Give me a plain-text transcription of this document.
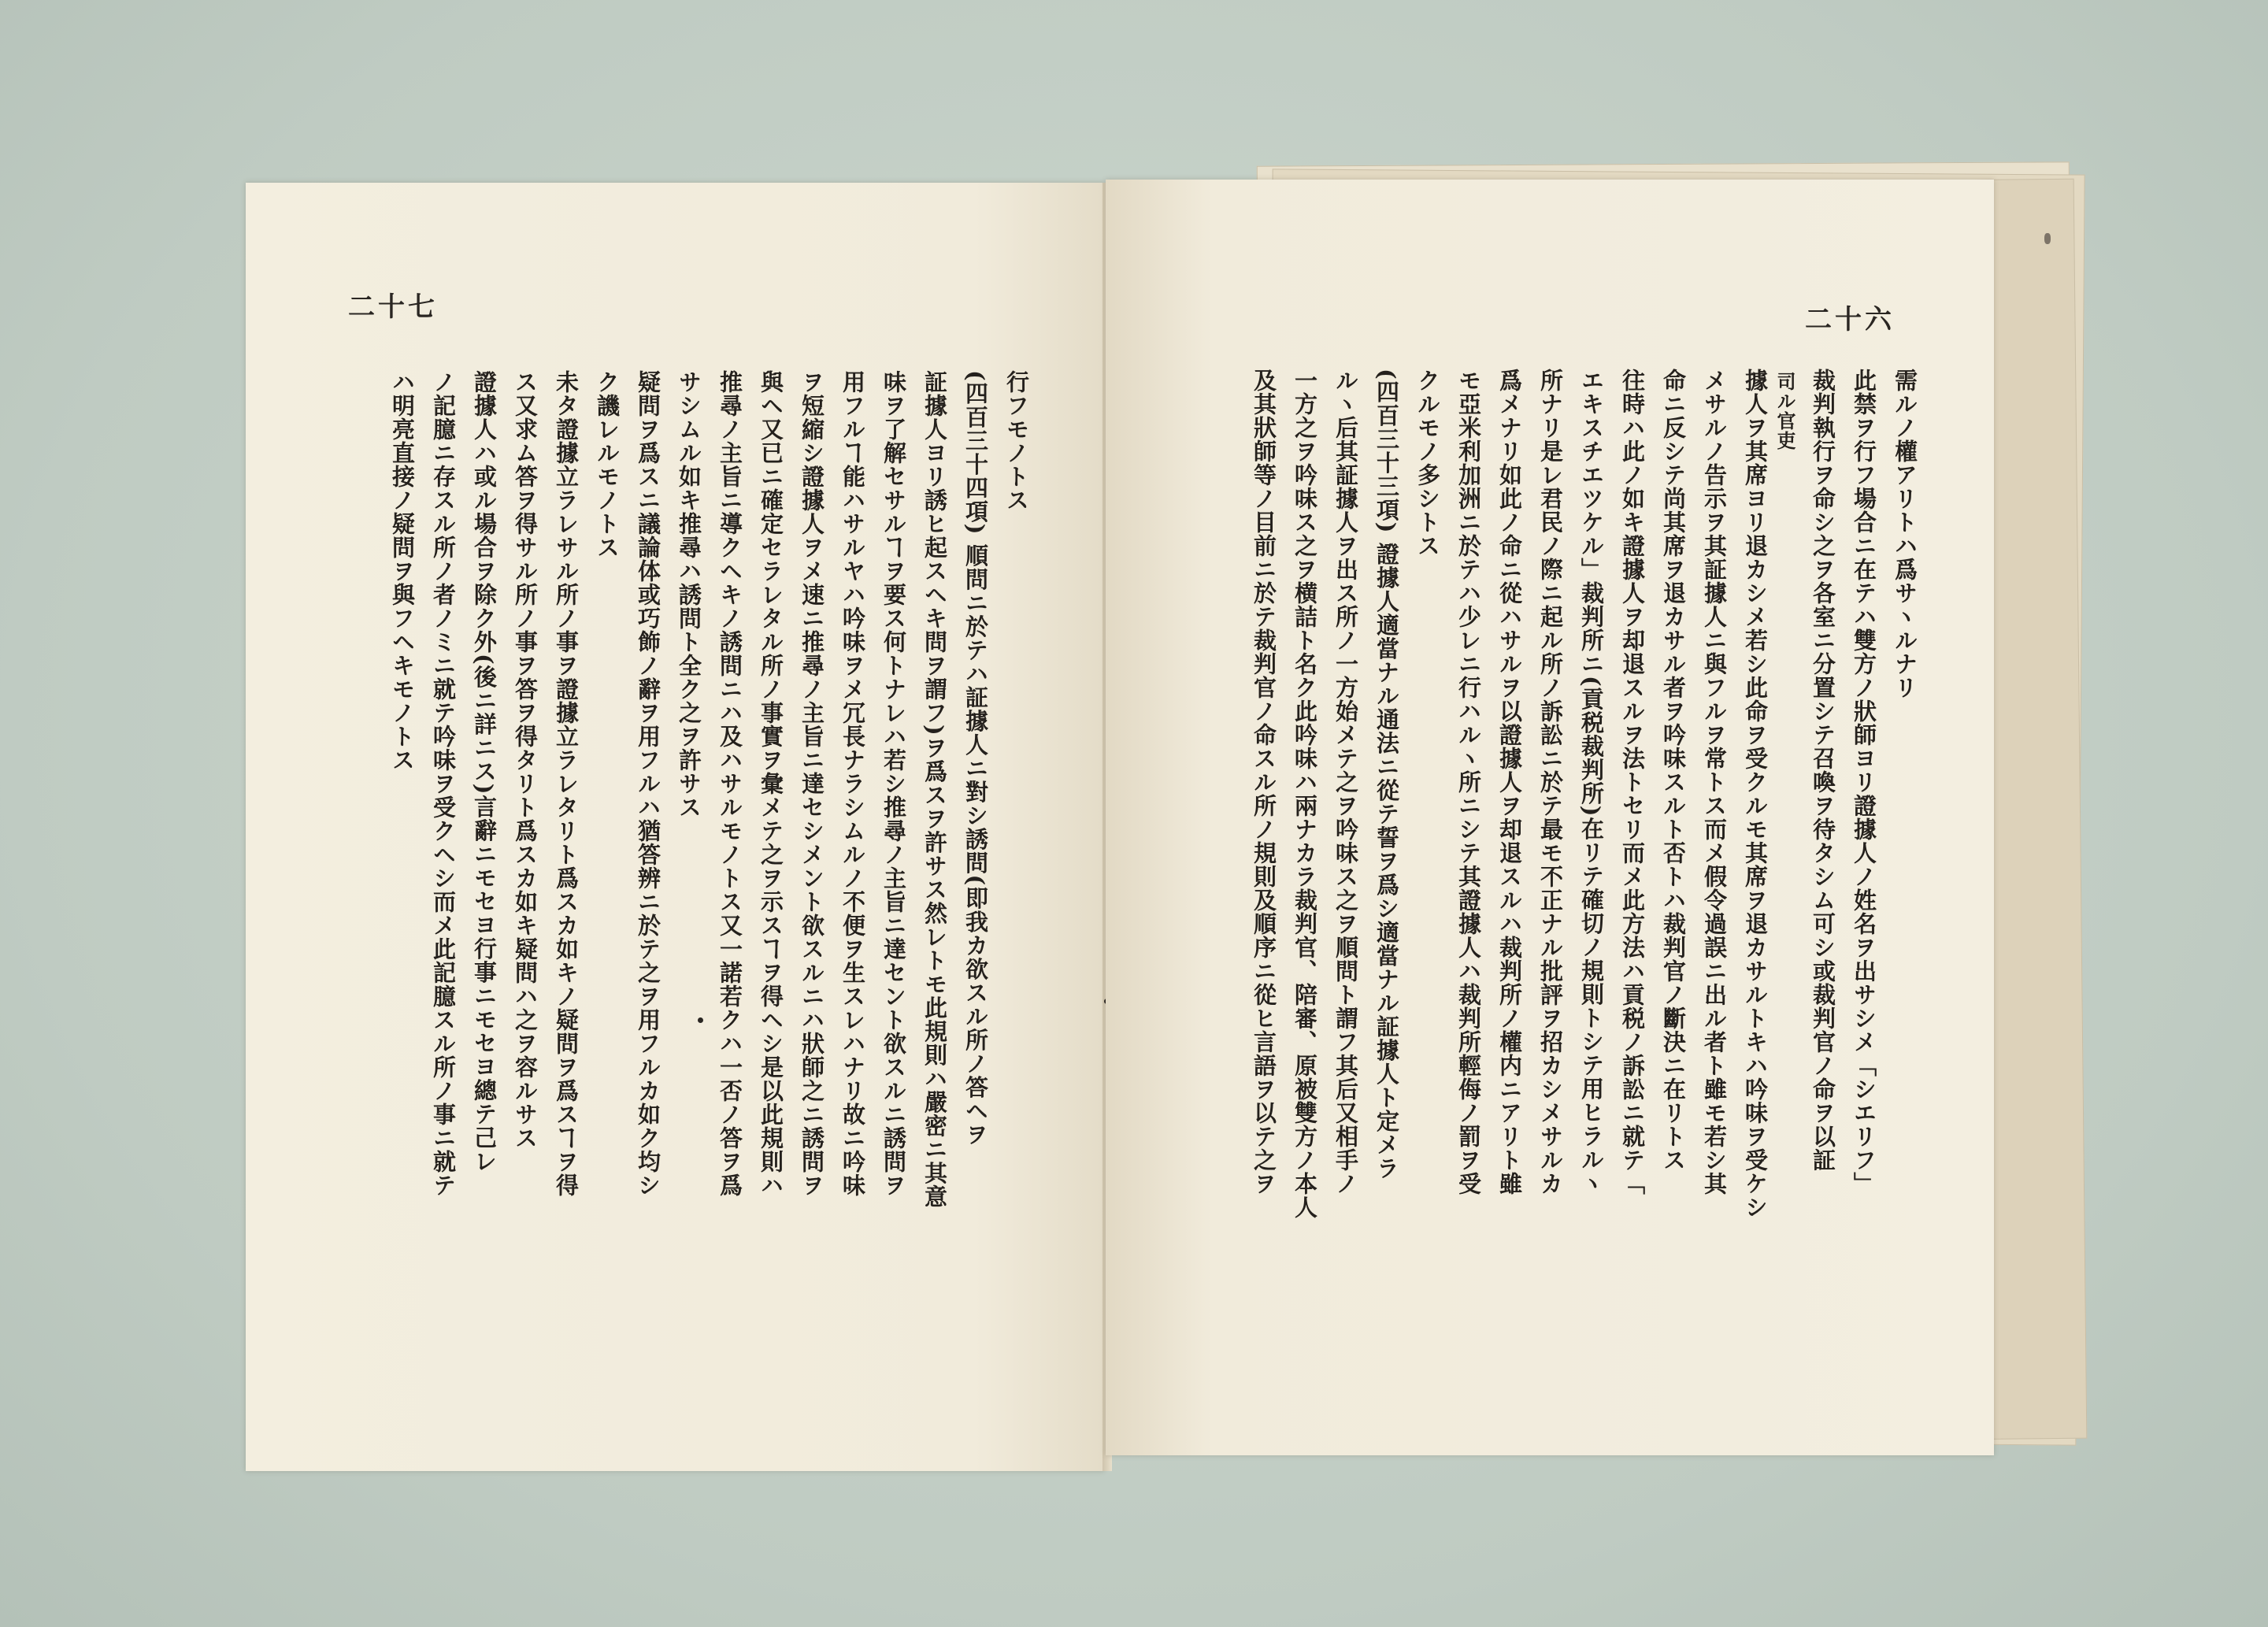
二十七
行フモノトス
(四百三十四項) 順問ニ於テハ証據人ニ對シ誘問(即我カ欲スル所ノ答ヘヲ
証據人ヨリ誘ヒ起スヘキ問ヲ謂フ)ヲ爲スヲ許サス然レトモ此規則ハ嚴密ニ其意
味ヲ了解セサルヿヲ要ス何トナレハ若シ推尋ノ主旨ニ達セント欲スルニ誘問ヲ
用フルヿ能ハサルヤハ吟味ヲメ冗長ナラシムルノ不便ヲ生スレハナリ故ニ吟味
ヲ短縮シ證據人ヲメ速ニ推尋ノ主旨ニ達セシメント欲スルニハ狀師之ニ誘問ヲ
與ヘ又已ニ確定セラレタル所ノ事實ヲ彙メテ之ヲ示スヿヲ得ヘシ是以此規則ハ
推尋ノ主旨ニ導クヘキノ誘問ニハ及ハサルモノトス又一諾若クハ一否ノ答ヲ爲
サシムル如キ推尋ハ誘問ト全ク之ヲ許サス
疑問ヲ爲スニ議論体或巧飾ノ辭ヲ用フルハ猶答辨ニ於テ之ヲ用フルカ如ク均シ
ク譏レルモノトス
未タ證據立ラレサル所ノ事ヲ證據立ラレタリト爲スカ如キノ疑問ヲ爲スヿヲ得
ス又求ム答ヲ得サル所ノ事ヲ答ヲ得タリト爲スカ如キ疑問ハ之ヲ容ルサス
證據人ハ或ル場合ヲ除ク外(後ニ詳ニス)言辭ニモセヨ行事ニモセヨ總テ己レ
ノ記臆ニ存スル所ノ者ノミニ就テ吟味ヲ受クヘシ而メ此記臆スル所ノ事ニ就テ
ハ明亮直接ノ疑問ヲ與フヘキモノトス
二十六
需ルノ權アリトハ爲サヽルナリ
此禁ヲ行フ場合ニ在テハ雙方ノ狀師ヨリ證據人ノ姓名ヲ出サシメ「シエリフ」
裁判執行ヲ命シ之ヲ各室ニ分置シテ召喚ヲ待タシム可シ或裁判官ノ命ヲ以証
司ル官吏
據人ヲ其席ヨリ退カシメ若シ此命ヲ受クルモ其席ヲ退カサルトキハ吟味ヲ受ケシ
メサルノ告示ヲ其証據人ニ與フルヲ常トス而メ假令過誤ニ出ル者ト雖モ若シ其
命ニ反シテ尚其席ヲ退カサル者ヲ吟味スルト否トハ裁判官ノ斷決ニ在リトス
往時ハ此ノ如キ證據人ヲ却退スルヲ法トセリ而メ此方法ハ貢税ノ訴訟ニ就テ「
エキスチエツケル」裁判所ニ(貢税裁判所)在リテ確切ノ規則トシテ用ヒラルヽ
所ナリ是レ君民ノ際ニ起ル所ノ訴訟ニ於テ最モ不正ナル批評ヲ招カシメサルカ
爲メナリ如此ノ命ニ從ハサルヲ以證據人ヲ却退スルハ裁判所ノ權内ニアリト雖
モ亞米利加洲ニ於テハ少レニ行ハルヽ所ニシテ其證據人ハ裁判所輕侮ノ罰ヲ受
クルモノ多シトス
(四百三十三項) 證據人適當ナル通法ニ從テ誓ヲ爲シ適當ナル証據人ト定メラ
ルヽ后其証據人ヲ出ス所ノ一方始メテ之ヲ吟味ス之ヲ順問ト謂フ其后又相手ノ
一方之ヲ吟味ス之ヲ横詰ト名ク此吟味ハ兩ナカラ裁判官、陪審、原被雙方ノ本人
及其狀師等ノ目前ニ於テ裁判官ノ命スル所ノ規則及順序ニ從ヒ言語ヲ以テ之ヲ
